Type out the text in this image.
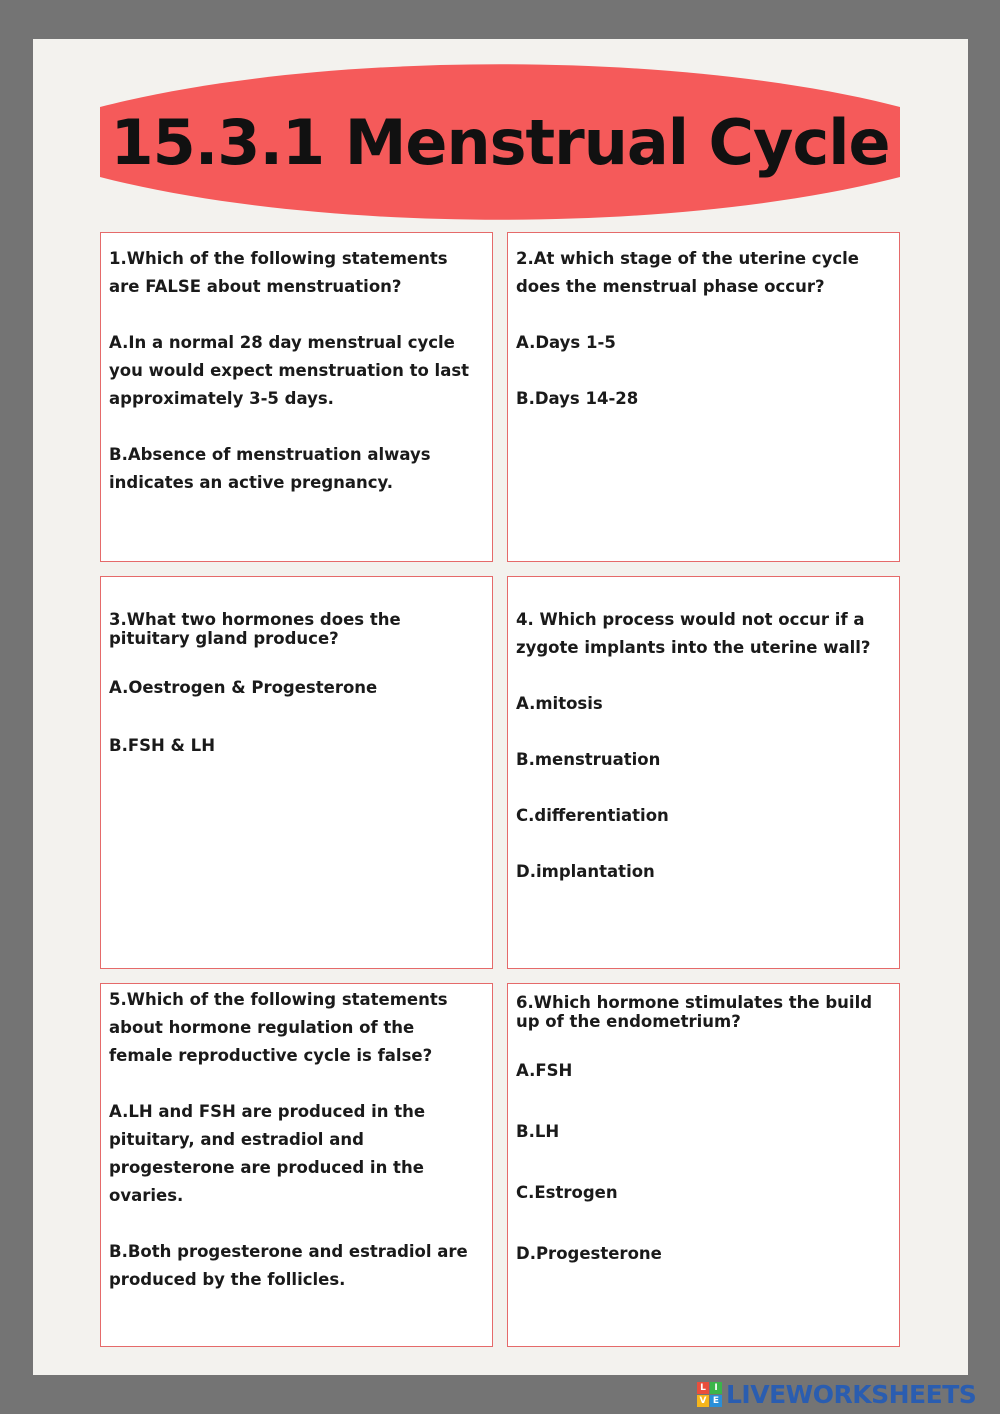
15.3.1 Menstrual Cycle

1.Which of the following statements are FALSE about menstruation?

A.In a normal 28 day menstrual cycle you would expect menstruation to last approximately 3-5 days.

B.Absence of menstruation always indicates an active pregnancy.

2.At which stage of the uterine cycle does the menstrual phase occur?

A.Days 1-5

B.Days 14-28

3.What two hormones does the pituitary gland produce?

A.Oestrogen & Progesterone

B.FSH & LH

4. Which process would not occur if a zygote implants into the uterine wall?

A.mitosis

B.menstruation

C.differentiation

D.implantation

5.Which of the following statements about hormone regulation of the female reproductive cycle is false?

A.LH and FSH are produced in the pituitary, and estradiol and progesterone are produced in the ovaries.

B.Both progesterone and estradiol are produced by the follicles.

6.Which hormone stimulates the build up of the endometrium?

A.FSH

B.LH

C.Estrogen

D.Progesterone

L I
V E LIVEWORKSHEETS
